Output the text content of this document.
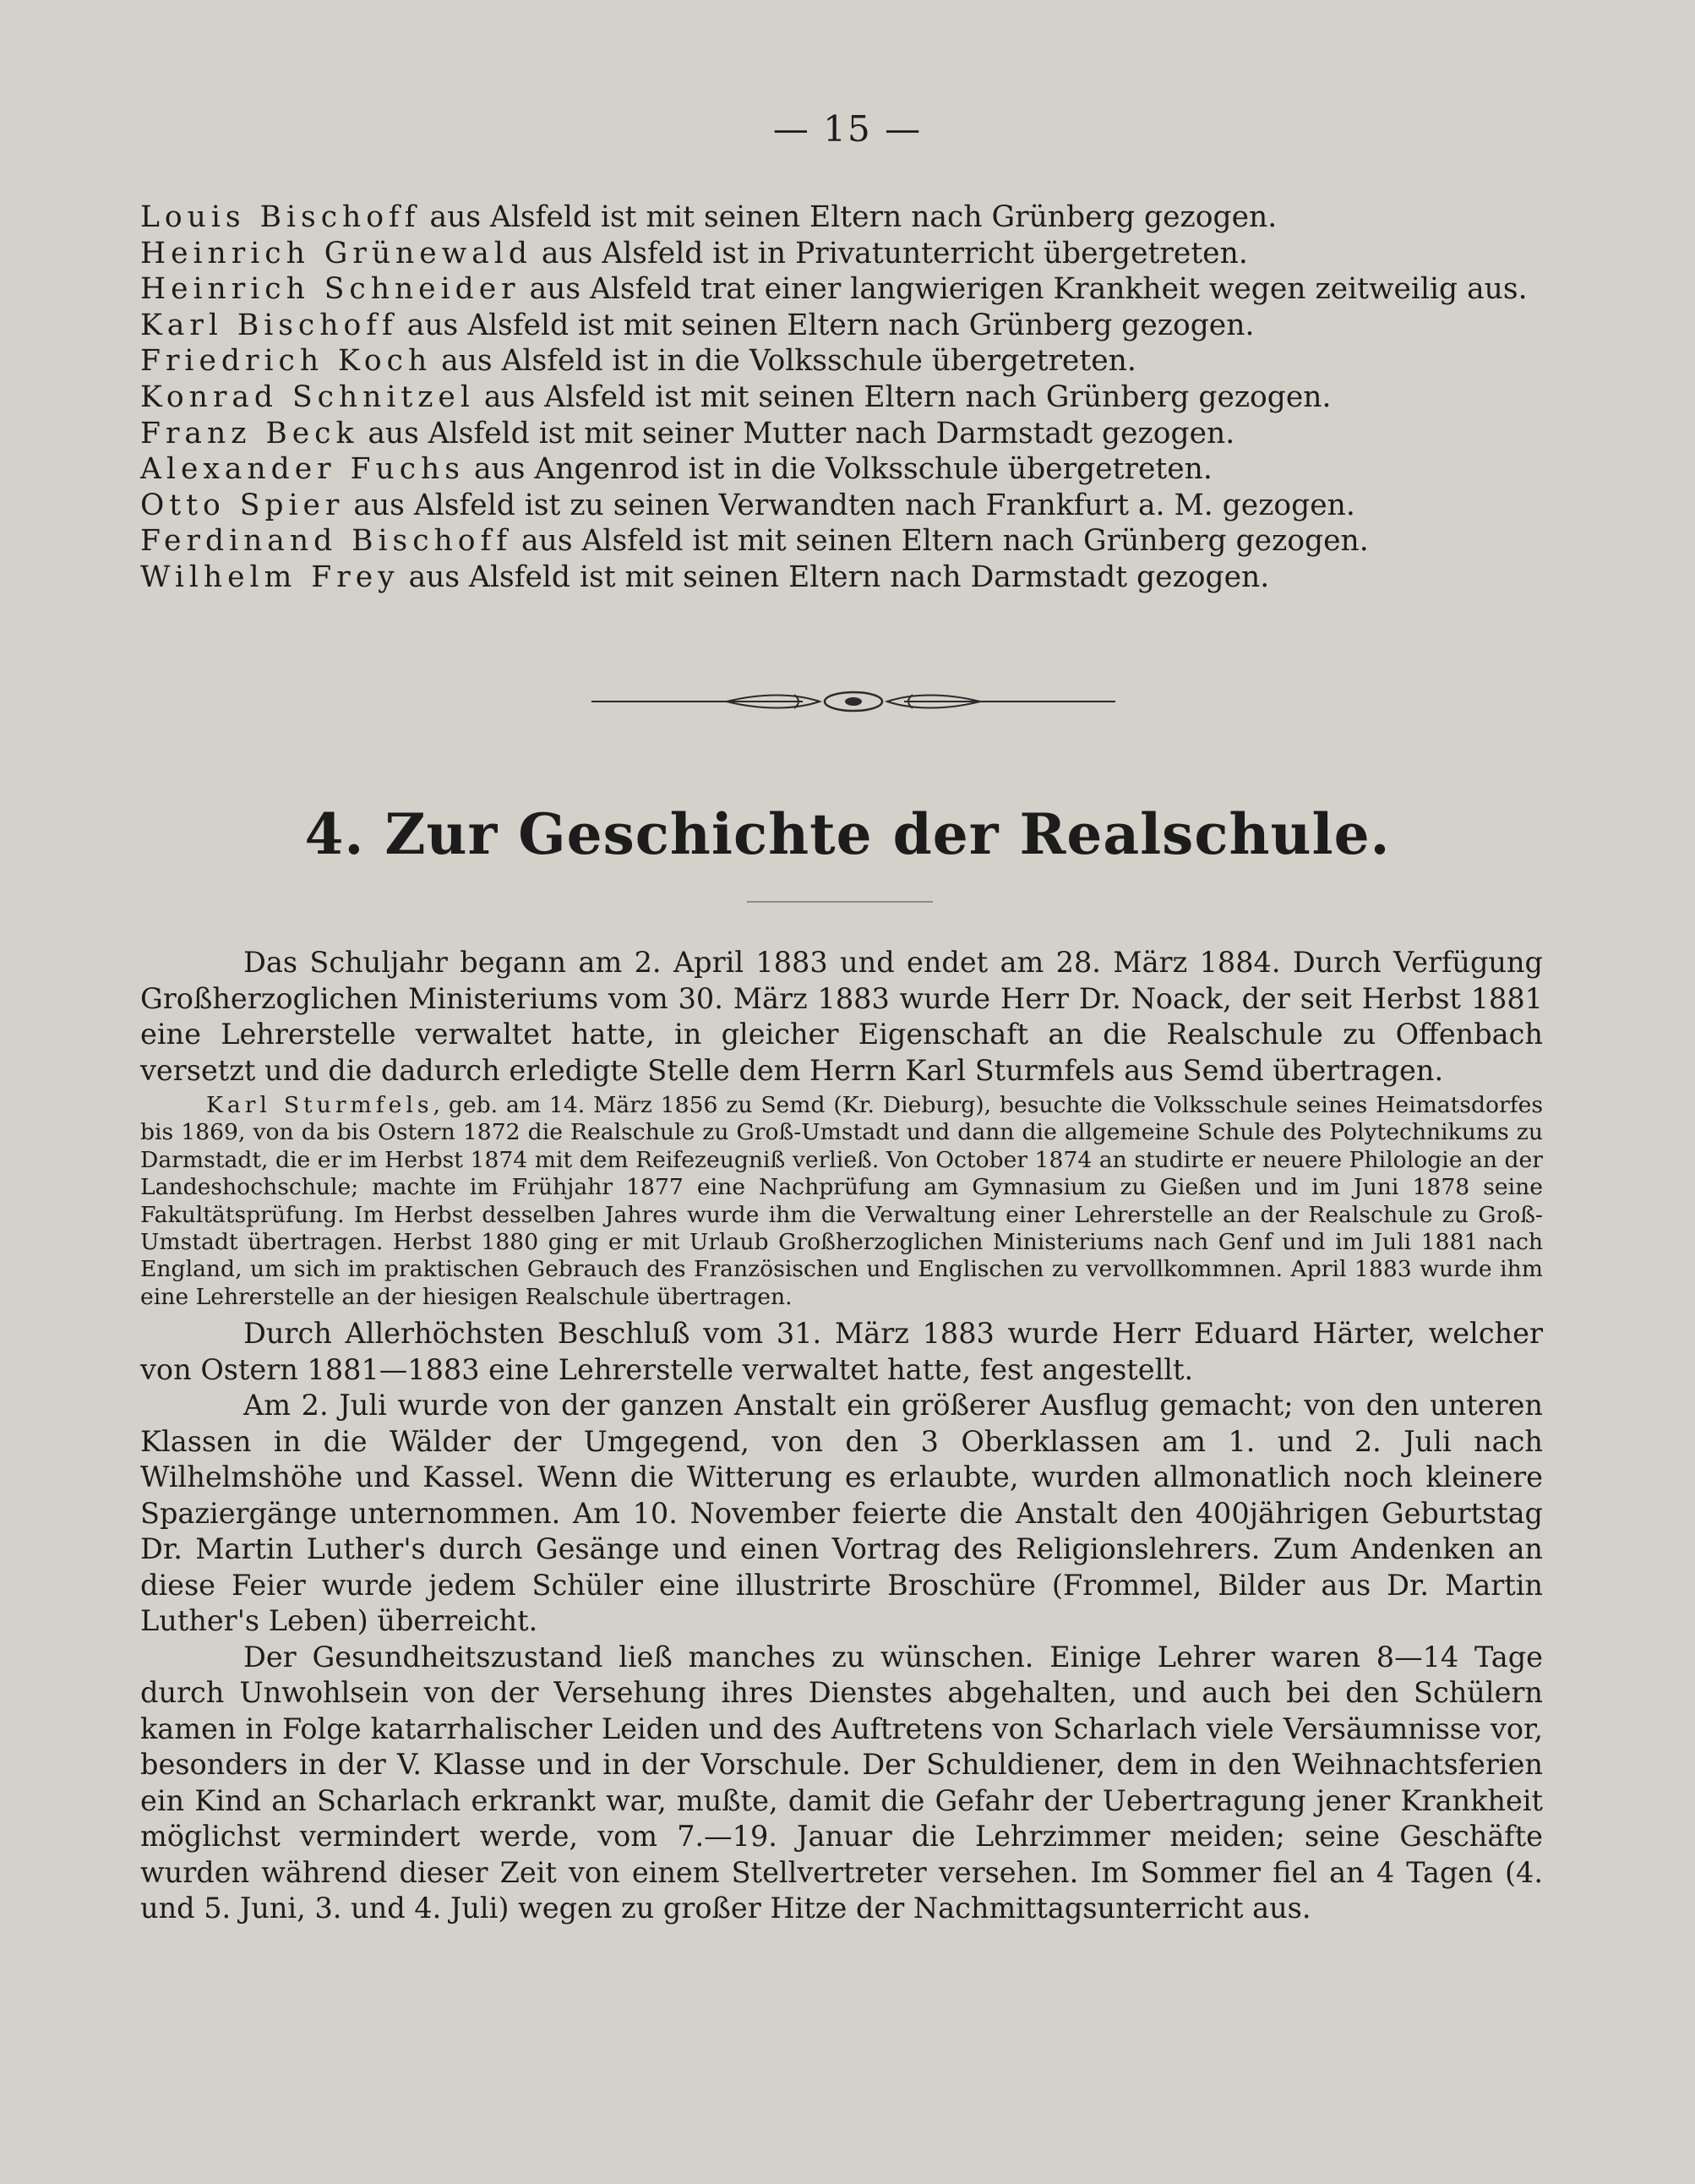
— 15 —
Louis Bischoff aus Alsfeld ist mit seinen Eltern nach Grünberg gezogen.
Heinrich Grünewald aus Alsfeld ist in Privatunterricht übergetreten.
Heinrich Schneider aus Alsfeld trat einer langwierigen Krankheit wegen zeitweilig aus.
Karl Bischoff aus Alsfeld ist mit seinen Eltern nach Grünberg gezogen.
Friedrich Koch aus Alsfeld ist in die Volksschule übergetreten.
Konrad Schnitzel aus Alsfeld ist mit seinen Eltern nach Grünberg gezogen.
Franz Beck aus Alsfeld ist mit seiner Mutter nach Darmstadt gezogen.
Alexander Fuchs aus Angenrod ist in die Volksschule übergetreten.
Otto Spier aus Alsfeld ist zu seinen Verwandten nach Frankfurt a. M. gezogen.
Ferdinand Bischoff aus Alsfeld ist mit seinen Eltern nach Grünberg gezogen.
Wilhelm Frey aus Alsfeld ist mit seinen Eltern nach Darmstadt gezogen.
4. Zur Geschichte der Realschule.

Das Schuljahr begann am 2. April 1883 und endet am 28. März 1884. Durch Verfügung Großherzoglichen Ministeriums vom 30. März 1883 wurde Herr Dr. Noack, der seit Herbst 1881 eine Lehrerstelle verwaltet hatte, in gleicher Eigenschaft an die Realschule zu Offenbach versetzt und die dadurch erledigte Stelle dem Herrn Karl Sturmfels aus Semd übertragen.

Karl Sturmfels, geb. am 14. März 1856 zu Semd (Kr. Dieburg), besuchte die Volksschule seines Heimatsdorfes bis 1869, von da bis Ostern 1872 die Realschule zu Groß-Umstadt und dann die allgemeine Schule des Polytechnikums zu Darmstadt, die er im Herbst 1874 mit dem Reifezeugniß verließ. Von October 1874 an studirte er neuere Philologie an der Landeshochschule; machte im Frühjahr 1877 eine Nachprüfung am Gymnasium zu Gießen und im Juni 1878 seine Fakultätsprüfung. Im Herbst desselben Jahres wurde ihm die Verwaltung einer Lehrerstelle an der Realschule zu Groß-Umstadt übertragen. Herbst 1880 ging er mit Urlaub Großherzoglichen Ministeriums nach Genf und im Juli 1881 nach England, um sich im praktischen Gebrauch des Französischen und Englischen zu vervollkommnen. April 1883 wurde ihm eine Lehrerstelle an der hiesigen Realschule übertragen.

Durch Allerhöchsten Beschluß vom 31. März 1883 wurde Herr Eduard Härter, welcher von Ostern 1881—1883 eine Lehrerstelle verwaltet hatte, fest angestellt.

Am 2. Juli wurde von der ganzen Anstalt ein größerer Ausflug gemacht; von den unteren Klassen in die Wälder der Umgegend, von den 3 Oberklassen am 1. und 2. Juli nach Wilhelmshöhe und Kassel. Wenn die Witterung es erlaubte, wurden allmonatlich noch kleinere Spaziergänge unternommen. Am 10. November feierte die Anstalt den 400jährigen Geburtstag Dr. Martin Luther's durch Gesänge und einen Vortrag des Religionslehrers. Zum Andenken an diese Feier wurde jedem Schüler eine illustrirte Broschüre (Frommel, Bilder aus Dr. Martin Luther's Leben) überreicht.

Der Gesundheitszustand ließ manches zu wünschen. Einige Lehrer waren 8—14 Tage durch Unwohlsein von der Versehung ihres Dienstes abgehalten, und auch bei den Schülern kamen in Folge katarrhalischer Leiden und des Auftretens von Scharlach viele Versäumnisse vor, besonders in der V. Klasse und in der Vorschule. Der Schuldiener, dem in den Weihnachtsferien ein Kind an Scharlach erkrankt war, mußte, damit die Gefahr der Uebertragung jener Krankheit möglichst vermindert werde, vom 7.—19. Januar die Lehrzimmer meiden; seine Geschäfte wurden während dieser Zeit von einem Stellvertreter versehen. Im Sommer fiel an 4 Tagen (4. und 5. Juni, 3. und 4. Juli) wegen zu großer Hitze der Nachmittagsunterricht aus.
